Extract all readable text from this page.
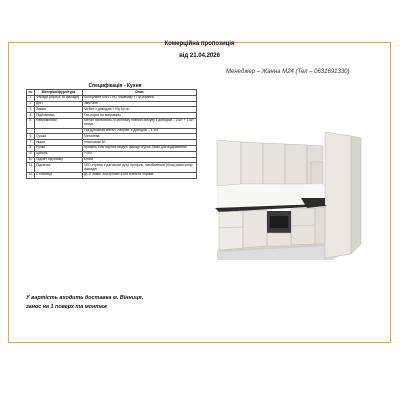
Комерційна пропозиція
від 21.04.2026
Менеджер – Жанна М24 (Тел – 0631691330)
Специфікація - Кухня
№	Матеріал/фурнітура	Опис
1	Фасади (корпус та фасади)	Колорлайн SW11 HG Кашемир + ПуЧерапка
2	ДВП	3мм біле
3	Завіси	Мебел з доводом + Rg Sp.on
4	Підйомники	Газ-ліфти на виправках
5	Напрямляючі	Метал приховано-го монтажу повного висуву з доводом – 2 шт + 1 шт висув.
		Під духовкою метал. напрям. з доводом – 1 шт
6	Сушка	Металева
7	Ніжки	пластикові 60
8	Ручки	профіль біля нарних модулі фасаді сгусок 25мм для відкривання
9	Цоколь	+100
10	Підсвіт під мийку	Білий
11	Підсвітка	LED-стрічка з датчиком руху, профіль, мембранний (біла) рама колір фасадів
12	Стільниця	ДСП 38мм. Колорлайн 4268 колекти чорний
У вартість входить доставка м. Вінниця,
занос на 1 поверх та монтаж
